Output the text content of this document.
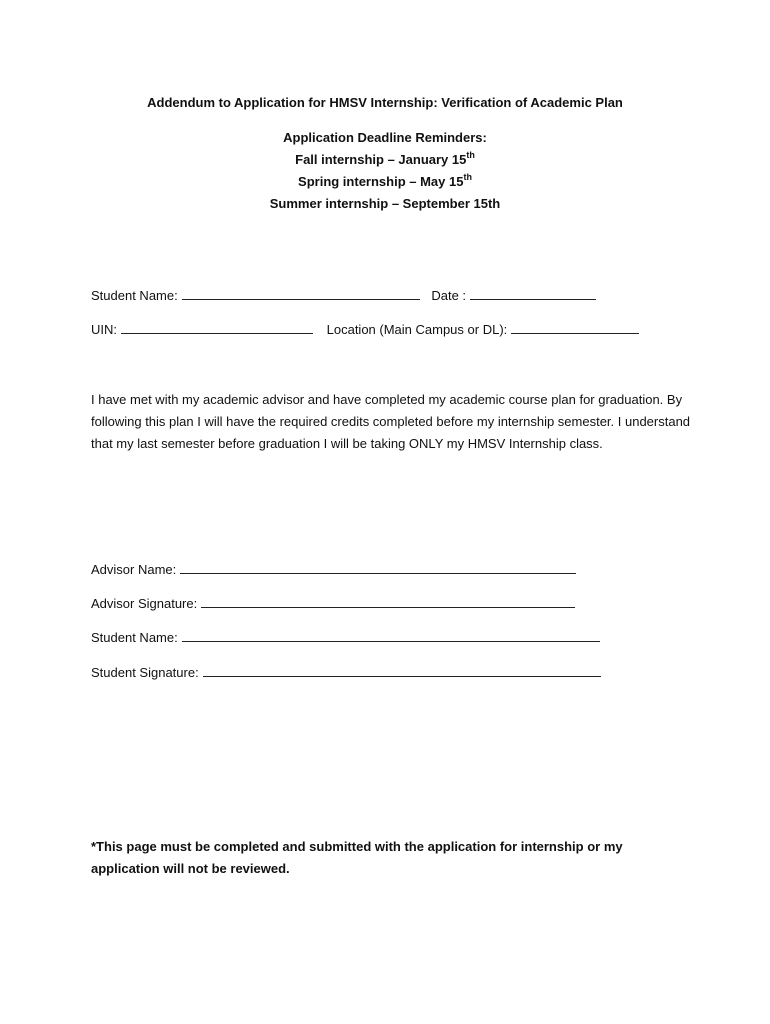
Addendum to Application for HMSV Internship: Verification of Academic Plan
Application Deadline Reminders:
Fall internship – January 15th
Spring internship – May 15th
Summer internship – September 15th
Student Name:	Date :
UIN:	Location (Main Campus or DL):
I have met with my academic advisor and have completed my academic course plan for graduation. By following this plan I will have the required credits completed before my internship semester. I understand that my last semester before graduation I will be taking ONLY my HMSV Internship class.
Advisor Name:
Advisor Signature:
Student Name:
Student Signature:
*This page must be completed and submitted with the application for internship or my application will not be reviewed.
